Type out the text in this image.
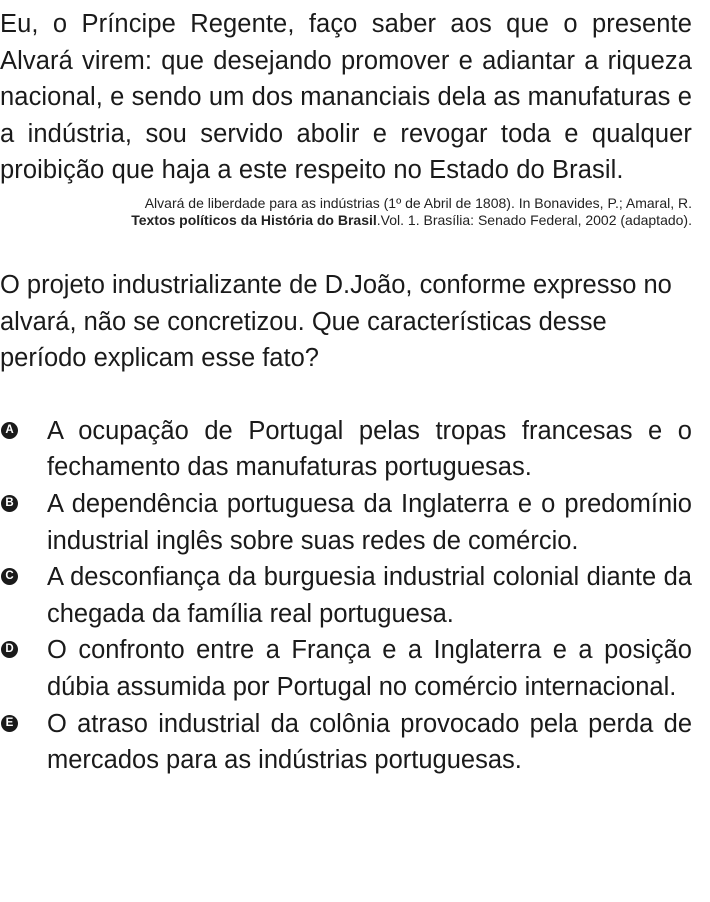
Eu, o Príncipe Regente, faço saber aos que o presente Alvará virem: que desejando promover e adiantar a riqueza nacional, e sendo um dos mananciais dela as manufaturas e a indústria, sou servido abolir e revogar toda e qualquer proibição que haja a este respeito no Estado do Brasil.

Alvará de liberdade para as indústrias (1º de Abril de 1808). In Bonavides, P.; Amaral, R.
Textos políticos da História do Brasil.Vol. 1. Brasília: Senado Federal, 2002 (adaptado).

O projeto industrializante de D.João, conforme expresso no alvará, não se concretizou. Que características desse período explicam esse fato?

A A ocupação de Portugal pelas tropas francesas e o fechamento das manufaturas portuguesas.
B A dependência portuguesa da Inglaterra e o predomínio industrial inglês sobre suas redes de comércio.
C A desconfiança da burguesia industrial colonial diante da chegada da família real portuguesa.
D O confronto entre a França e a Inglaterra e a posição dúbia assumida por Portugal no comércio internacional.
E O atraso industrial da colônia provocado pela perda de mercados para as indústrias portuguesas.
